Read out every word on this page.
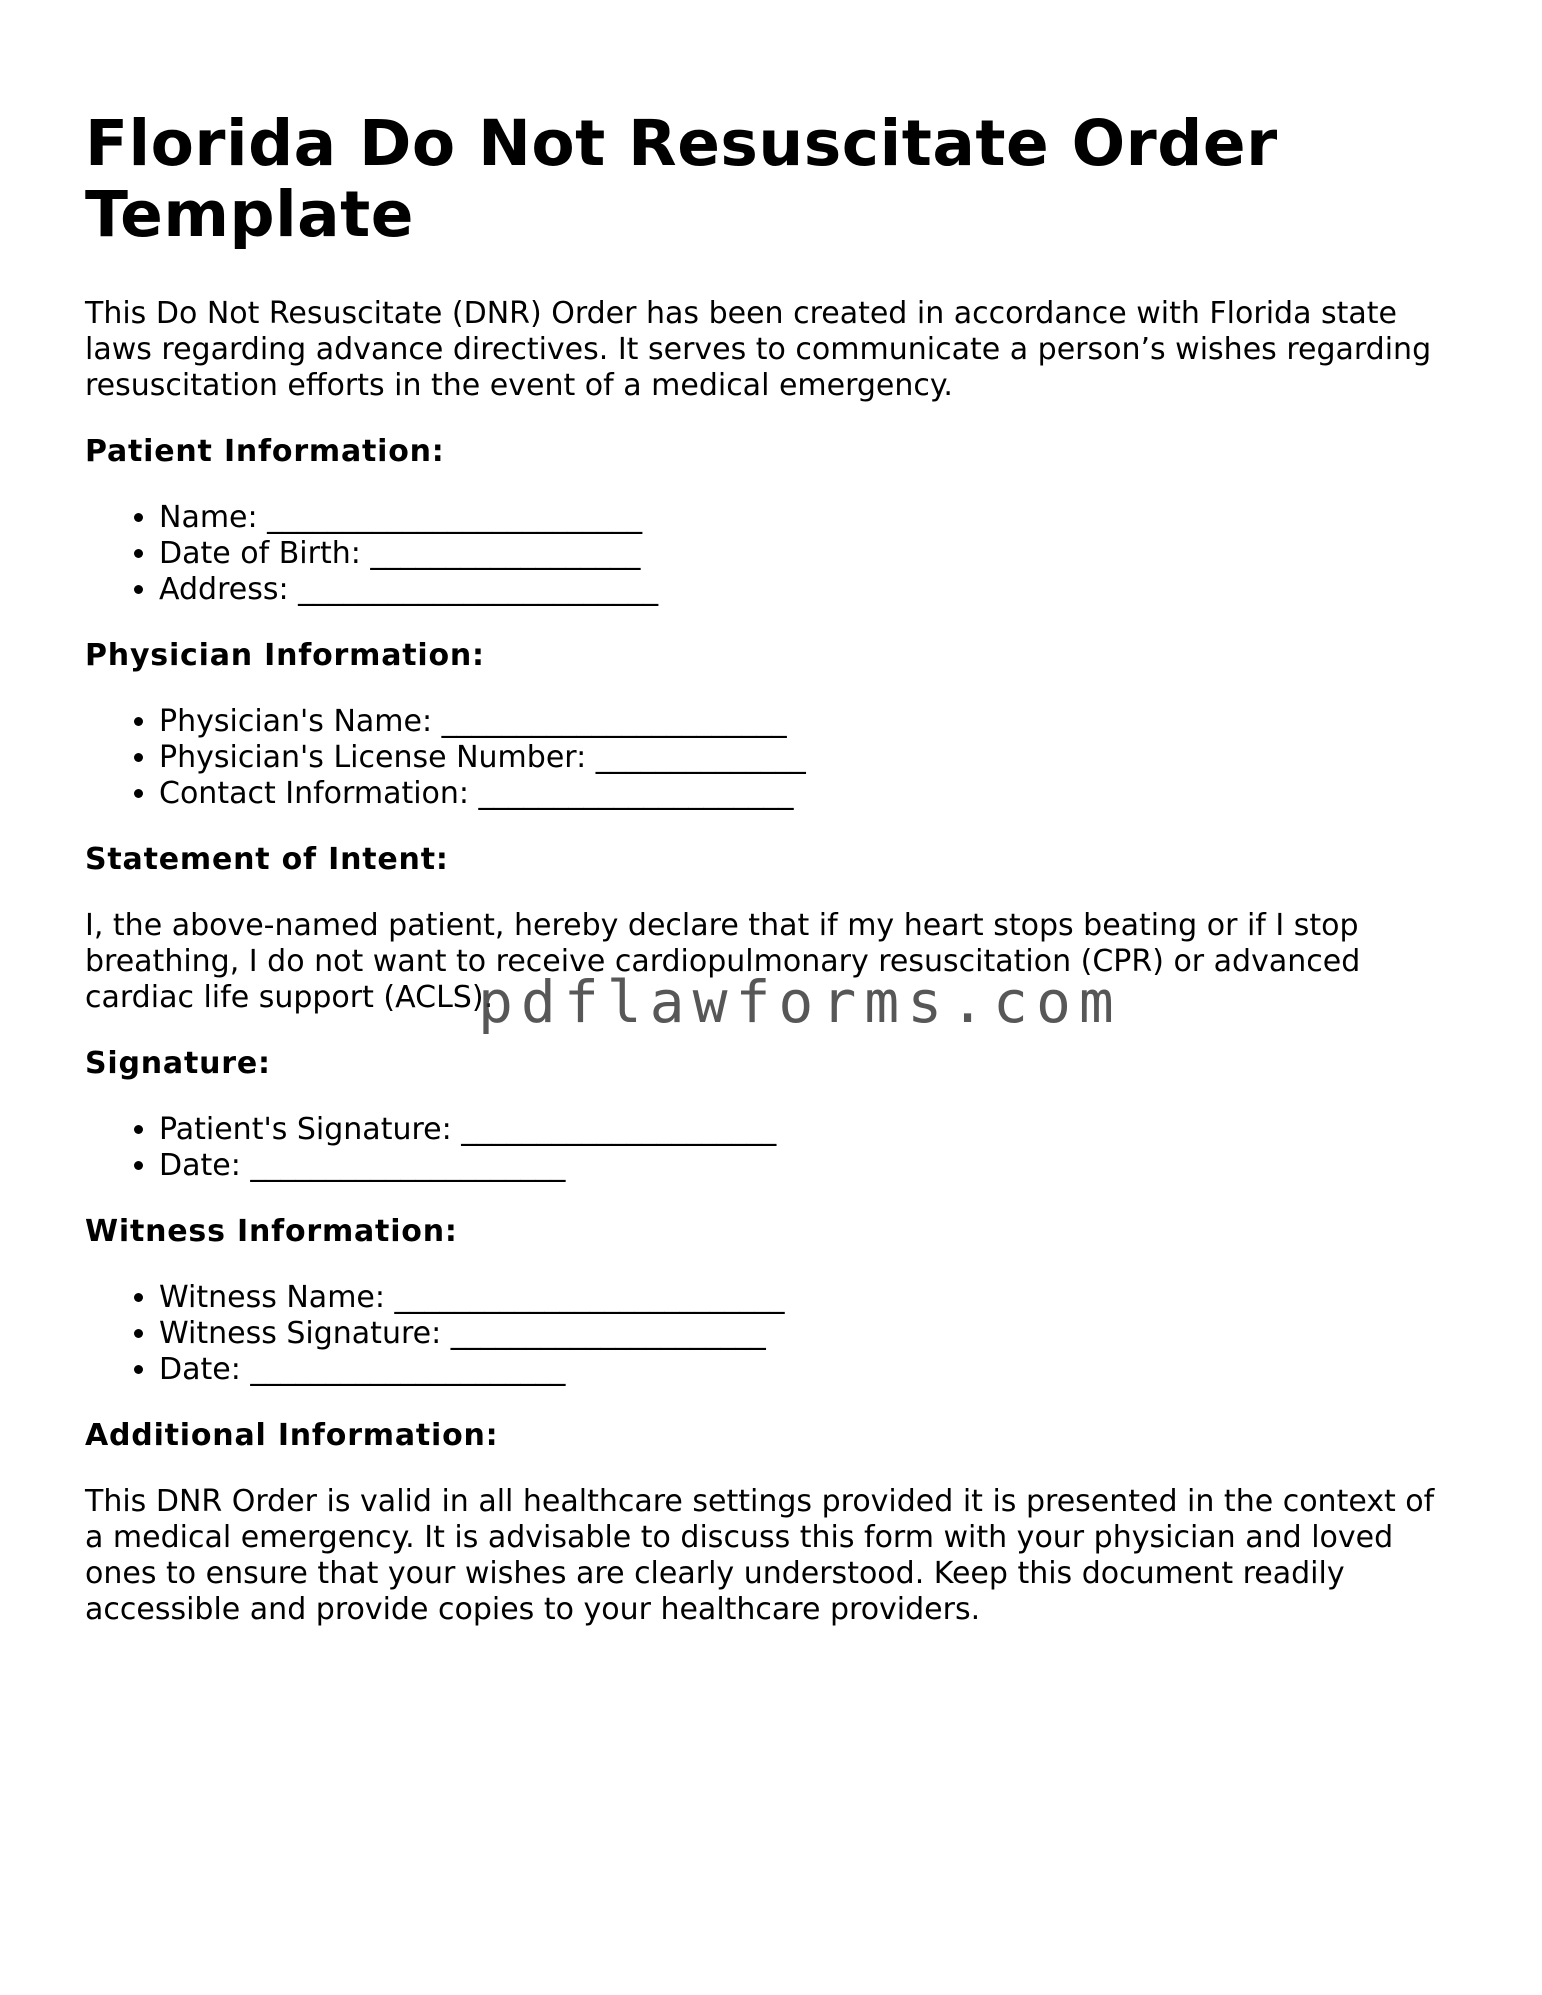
Florida Do Not Resuscitate Order Template

This Do Not Resuscitate (DNR) Order has been created in accordance with Florida state laws regarding advance directives. It serves to communicate a person’s wishes regarding resuscitation efforts in the event of a medical emergency.

Patient Information:
• Name: _________________________
• Date of Birth: __________________
• Address: ________________________
Physician Information:
• Physician's Name: _______________________
• Physician's License Number: ______________
• Contact Information: _____________________
Statement of Intent:

I, the above-named patient, hereby declare that if my heart stops beating or if I stop breathing, I do not want to receive cardiopulmonary resuscitation (CPR) or advanced cardiac life support (ACLS).

Signature:
• Patient's Signature: _____________________
• Date: _____________________
Witness Information:
• Witness Name: __________________________
• Witness Signature: _____________________
• Date: _____________________
Additional Information:

This DNR Order is valid in all healthcare settings provided it is presented in the context of a medical emergency. It is advisable to discuss this form with your physician and loved ones to ensure that your wishes are clearly understood. Keep this document readily accessible and provide copies to your healthcare providers.

pdflawforms.com
